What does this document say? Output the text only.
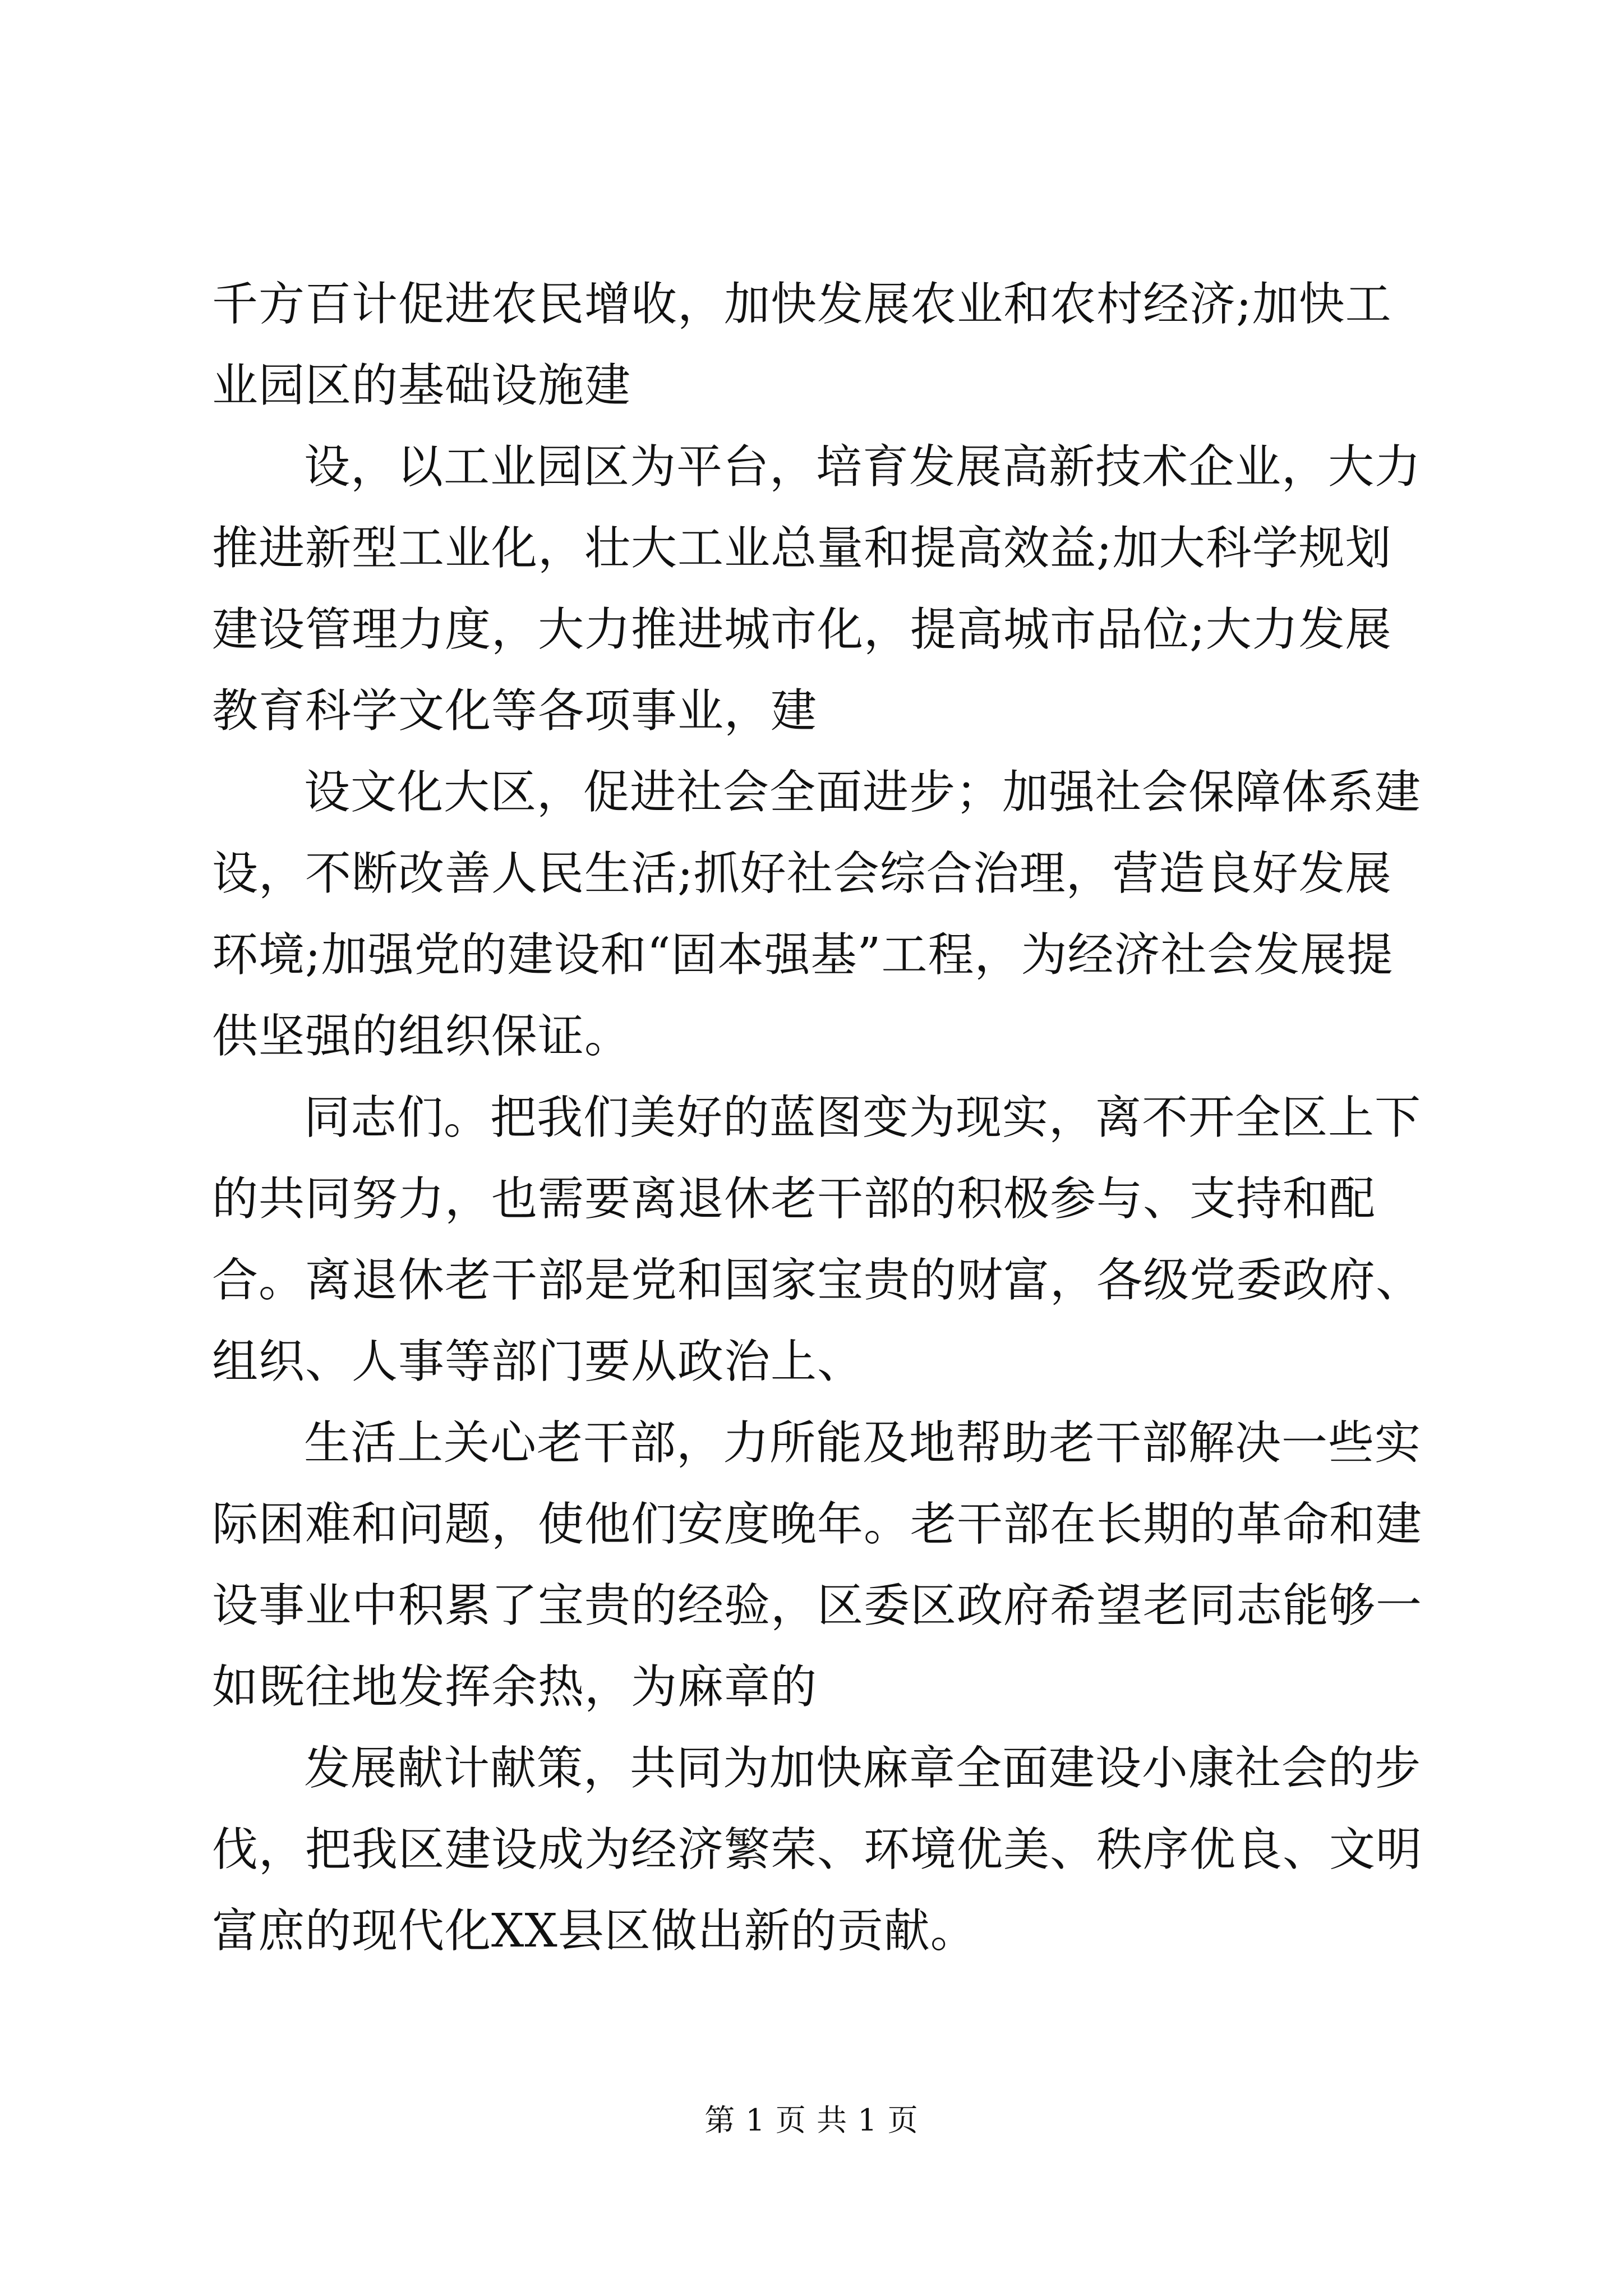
千方百计促进农民增收，加快发展农业和农村经济;加快工业园区的基础设施建

设，以工业园区为平台，培育发展高新技术企业，大力推进新型工业化，壮大工业总量和提高效益;加大科学规划建设管理力度，大力推进城市化，提高城市品位;大力发展教育科学文化等各项事业，建

设文化大区，促进社会全面进步；加强社会保障体系建设，不断改善人民生活;抓好社会综合治理，营造良好发展环境;加强党的建设和“固本强基”工程，为经济社会发展提供坚强的组织保证。

同志们。把我们美好的蓝图变为现实，离不开全区上下的共同努力，也需要离退休老干部的积极参与、支持和配合。离退休老干部是党和国家宝贵的财富，各级党委政府、组织、人事等部门要从政治上、

生活上关心老干部，力所能及地帮助老干部解决一些实际困难和问题，使他们安度晚年。老干部在长期的革命和建设事业中积累了宝贵的经验，区委区政府希望老同志能够一如既往地发挥余热，为麻章的

发展献计献策，共同为加快麻章全面建设小康社会的步伐，把我区建设成为经济繁荣、环境优美、秩序优良、文明富庶的现代化XX县区做出新的贡献。

第 1 页 共 1 页
